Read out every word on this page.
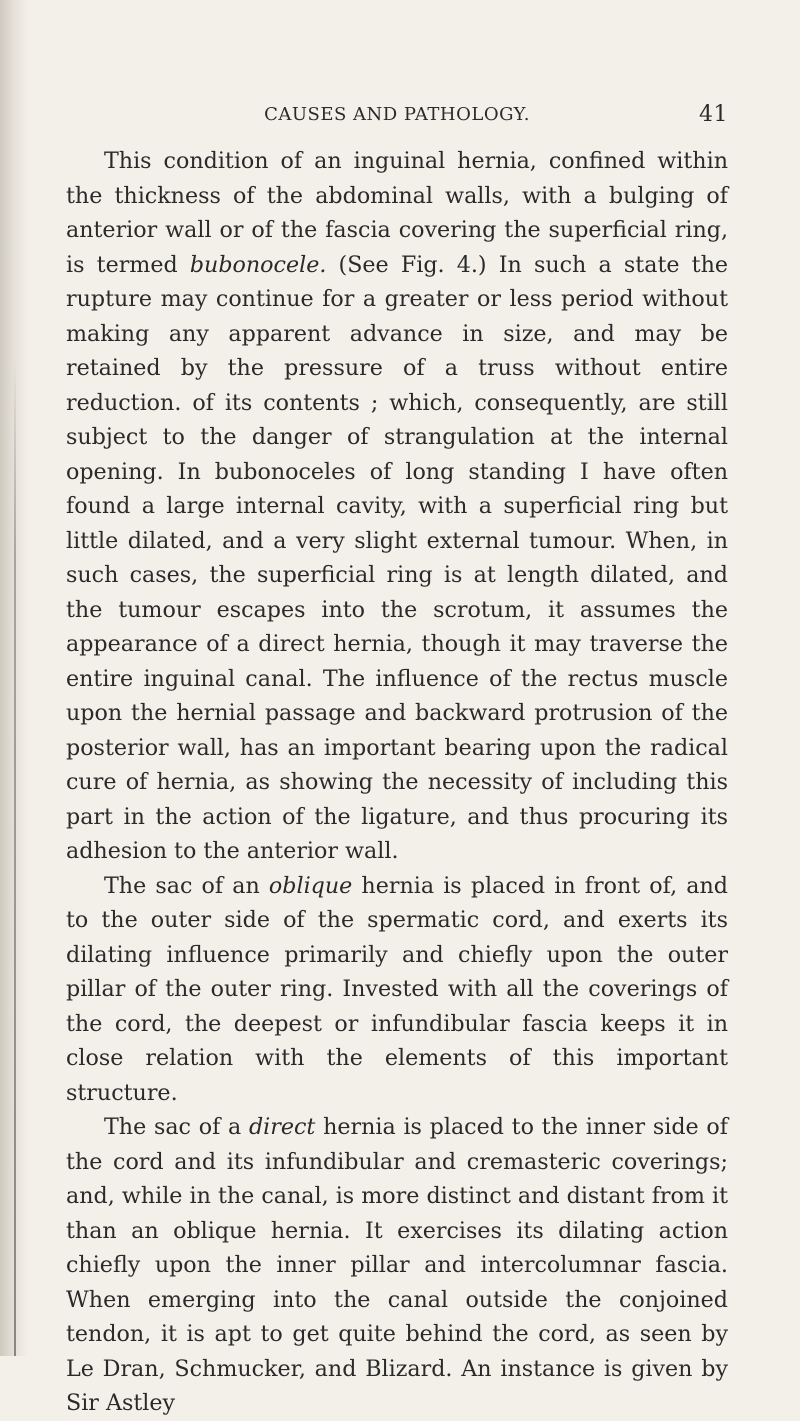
CAUSES AND PATHOLOGY.	41

This condition of an inguinal hernia, confined within the thickness of the abdominal walls, with a bulging of anterior wall or of the fascia covering the superficial ring, is termed bubonocele. (See Fig. 4.) In such a state the rupture may continue for a greater or less period without making any apparent advance in size, and may be retained by the pressure of a truss without entire reduction. of its contents ; which, consequently, are still subject to the danger of strangulation at the internal opening. In bubonoceles of long standing I have often found a large internal cavity, with a superficial ring but little dilated, and a very slight external tumour. When, in such cases, the superficial ring is at length dilated, and the tumour escapes into the scrotum, it assumes the appearance of a direct hernia, though it may traverse the entire inguinal canal. The influence of the rectus muscle upon the hernial passage and backward protrusion of the posterior wall, has an important bearing upon the radical cure of hernia, as showing the necessity of including this part in the action of the ligature, and thus procuring its adhesion to the anterior wall.

The sac of an oblique hernia is placed in front of, and to the outer side of the spermatic cord, and exerts its dilating influence primarily and chiefly upon the outer pillar of the outer ring. Invested with all the coverings of the cord, the deepest or infundibular fascia keeps it in close relation with the elements of this important structure.

The sac of a direct hernia is placed to the inner side of the cord and its infundibular and cremasteric coverings; and, while in the canal, is more distinct and distant from it than an oblique hernia. It exercises its dilating action chiefly upon the inner pillar and intercolumnar fascia. When emerging into the canal outside the conjoined tendon, it is apt to get quite behind the cord, as seen by Le Dran, Schmucker, and Blizard. An instance is given by Sir Astley
